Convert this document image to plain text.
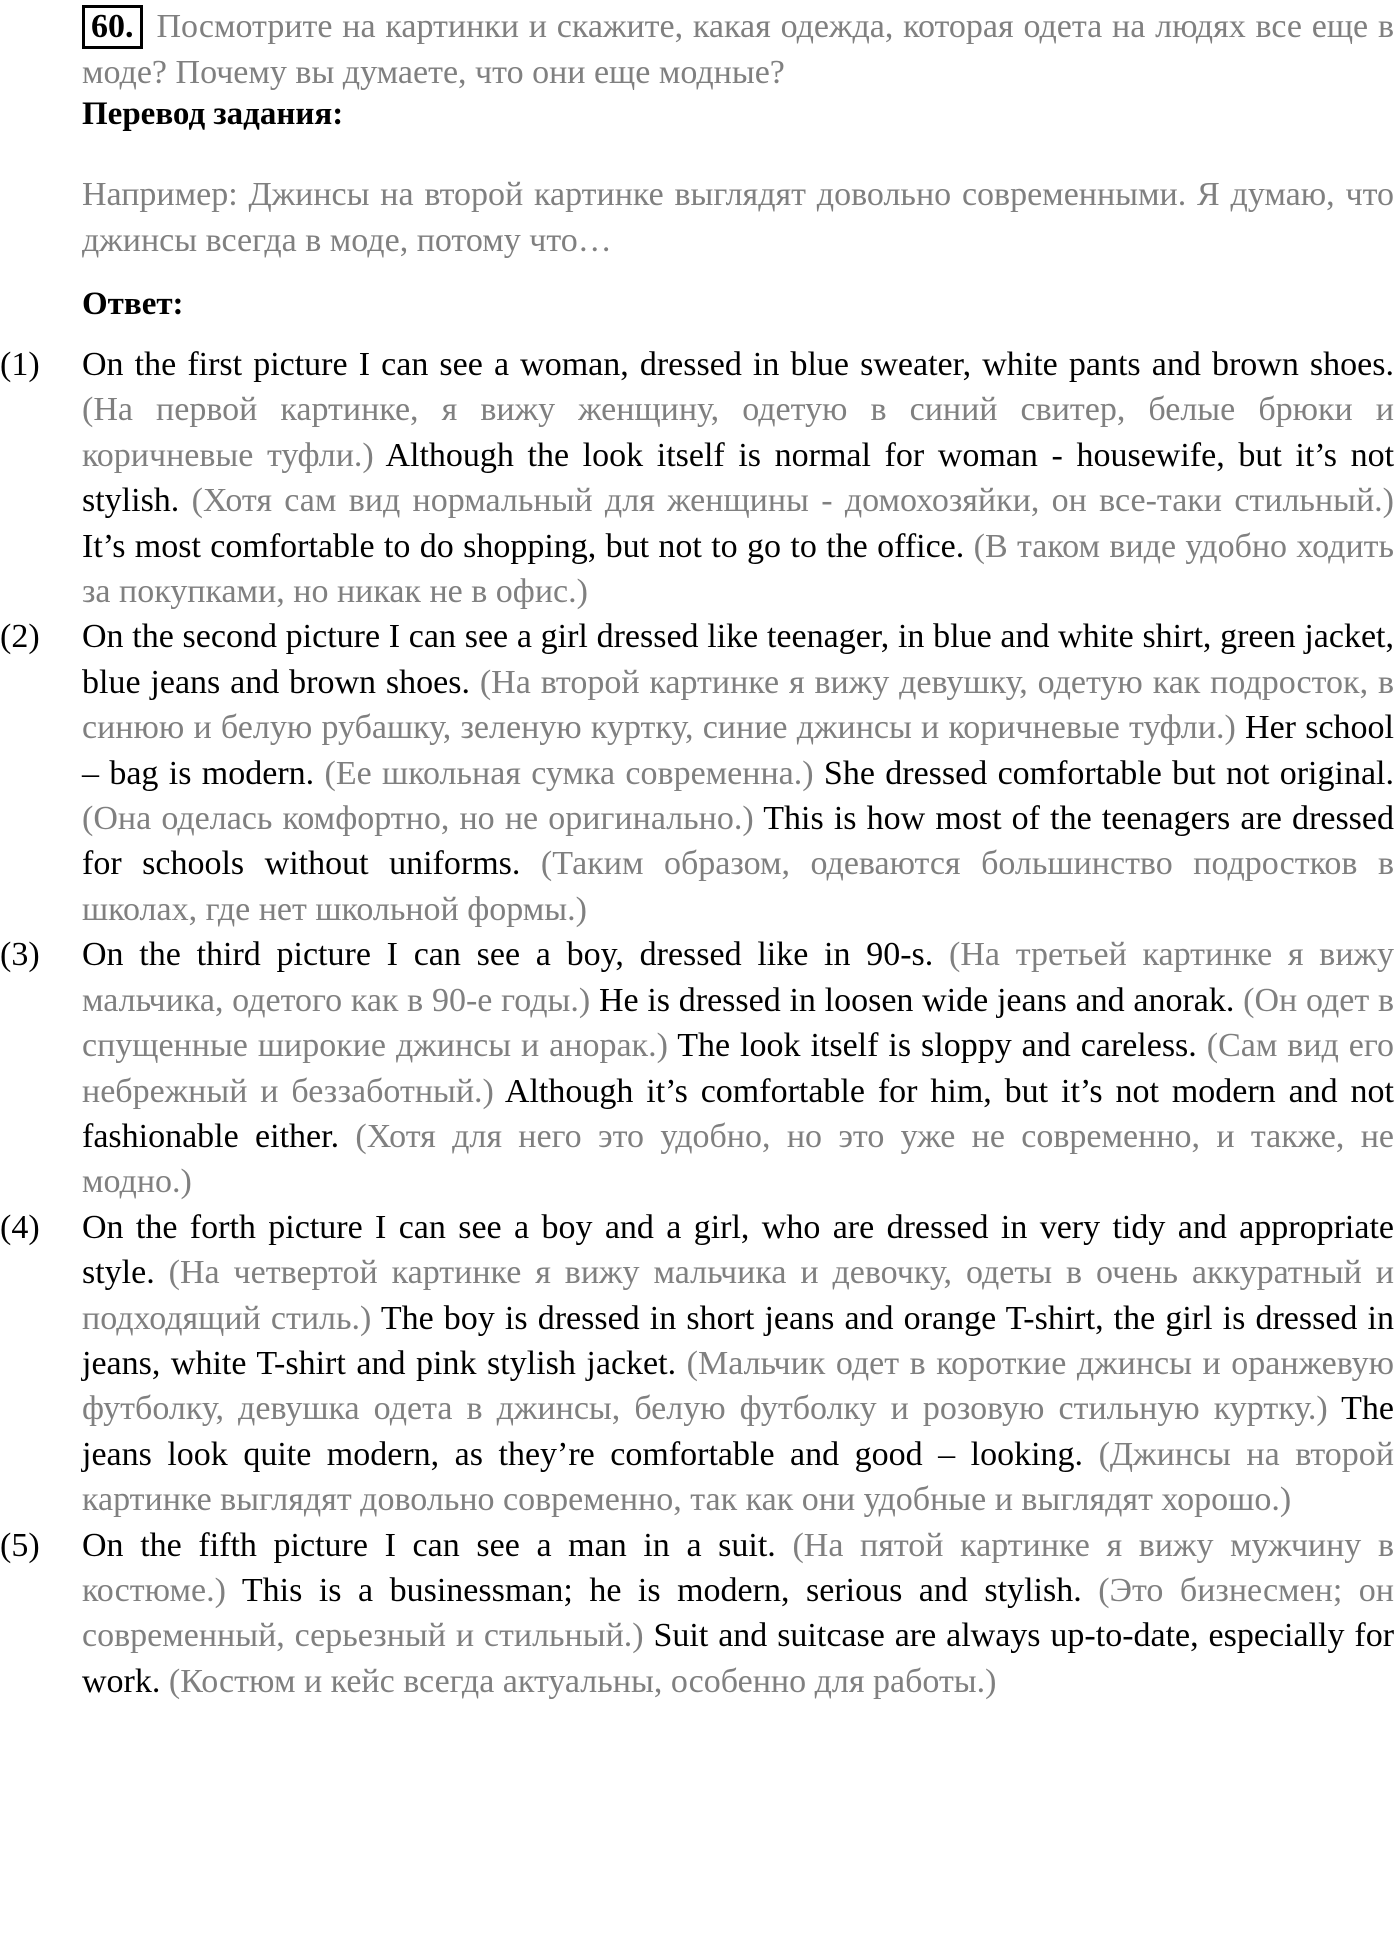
60. Посмотрите на картинки и скажите, какая одежда, которая одета на людях все еще в моде? Почему вы думаете, что они еще модные?
Перевод задания:
Например: Джинсы на второй картинке выглядят довольно современными. Я думаю, что джинсы всегда в моде, потому что…
Ответ:
(1) On the first picture I can see a woman, dressed in blue sweater, white pants and brown shoes. (На первой картинке, я вижу женщину, одетую в синий свитер, белые брюки и коричневые туфли.) Although the look itself is normal for woman - housewife, but it’s not stylish. (Хотя сам вид нормальный для женщины - домохозяйки, он все-таки стильный.) It’s most comfortable to do shopping, but not to go to the office. (В таком виде удобно ходить за покупками, но никак не в офис.)
(2) On the second picture I can see a girl dressed like teenager, in blue and white shirt, green jacket, blue jeans and brown shoes. (На второй картинке я вижу девушку, одетую как подросток, в синюю и белую рубашку, зеленую куртку, синие джинсы и коричневые туфли.) Her school – bag is modern. (Ее школьная сумка современна.) She dressed comfortable but not original. (Она оделась комфортно, но не оригинально.) This is how most of the teenagers are dressed for schools without uniforms. (Таким образом, одеваются большинство подростков в школах, где нет школьной формы.)
(3) On the third picture I can see a boy, dressed like in 90-s. (На третьей картинке я вижу мальчика, одетого как в 90-е годы.) He is dressed in loosen wide jeans and anorak. (Он одет в спущенные широкие джинсы и анорак.) The look itself is sloppy and careless. (Сам вид его небрежный и беззаботный.) Although it’s comfortable for him, but it’s not modern and not fashionable either. (Хотя для него это удобно, но это уже не современно, и также, не модно.)
(4) On the forth picture I can see a boy and a girl, who are dressed in very tidy and appropriate style. (На четвертой картинке я вижу мальчика и девочку, одеты в очень аккуратный и подходящий стиль.) The boy is dressed in short jeans and orange T-shirt, the girl is dressed in jeans, white T-shirt and pink stylish jacket. (Мальчик одет в короткие джинсы и оранжевую футболку, девушка одета в джинсы, белую футболку и розовую стильную куртку.) The jeans look quite modern, as they’re comfortable and good – looking. (Джинсы на второй картинке выглядят довольно современно, так как они удобные и выглядят хорошо.)
(5) On the fifth picture I can see a man in a suit. (На пятой картинке я вижу мужчину в костюме.) This is a businessman; he is modern, serious and stylish. (Это бизнесмен; он современный, серьезный и стильный.) Suit and suitcase are always up-to-date, especially for work. (Костюм и кейс всегда актуальны, особенно для работы.)
